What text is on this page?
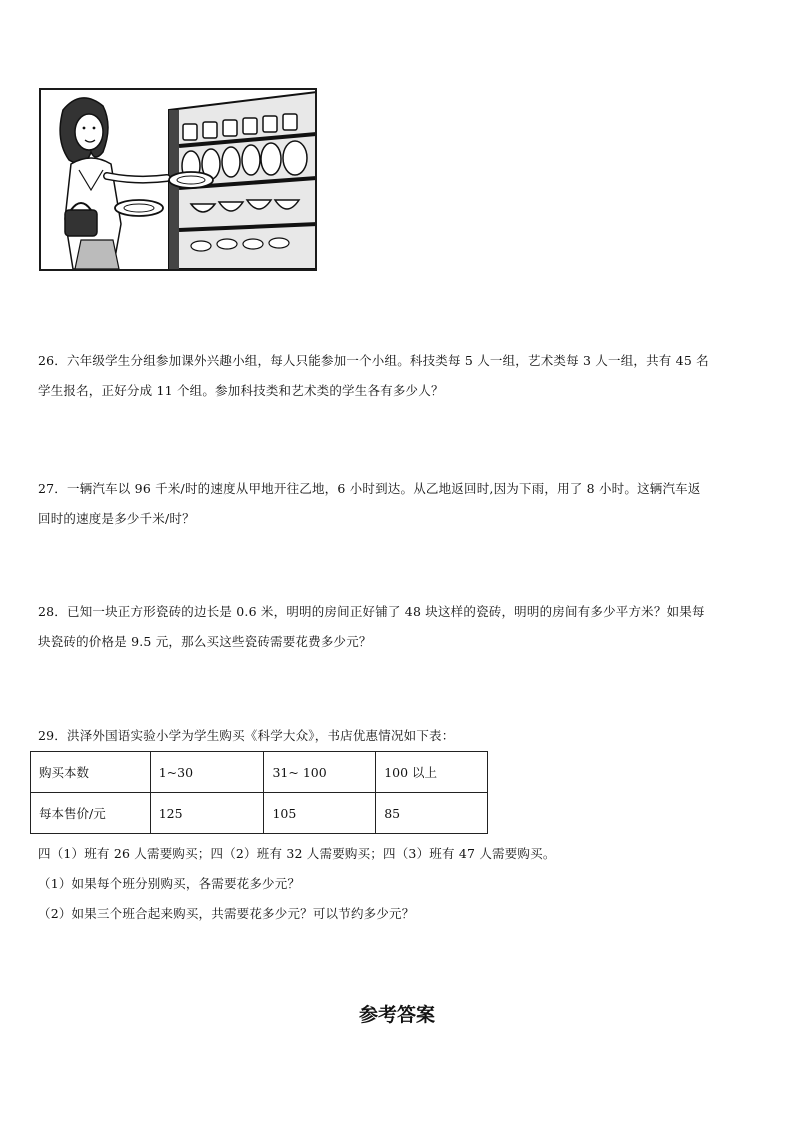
26．六年级学生分组参加课外兴趣小组，每人只能参加一个小组。科技类每 5 人一组，艺术类每 3 人一组，共有 45 名

学生报名，正好分成 11 个组。参加科技类和艺术类的学生各有多少人？

27．一辆汽车以 96 千米/时的速度从甲地开往乙地，6 小时到达。从乙地返回时,因为下雨，用了 8 小时。这辆汽车返

回时的速度是多少千米/时？

28．已知一块正方形瓷砖的边长是 0.6 米，明明的房间正好铺了 48 块这样的瓷砖，明明的房间有多少平方米？如果每

块瓷砖的价格是 9.5 元，那么买这些瓷砖需要花费多少元？

29．洪泽外国语实验小学为学生购买《科学大众》，书店优惠情况如下表：

购买本数	1~30	31~ 100	100 以上
每本售价/元	125	105	85

四（1）班有 26 人需要购买；四（2）班有 32 人需要购买；四（3）班有 47 人需要购买。

（1）如果每个班分别购买，各需要花多少元？

（2）如果三个班合起来购买，共需要花多少元？可以节约多少元？

参考答案
